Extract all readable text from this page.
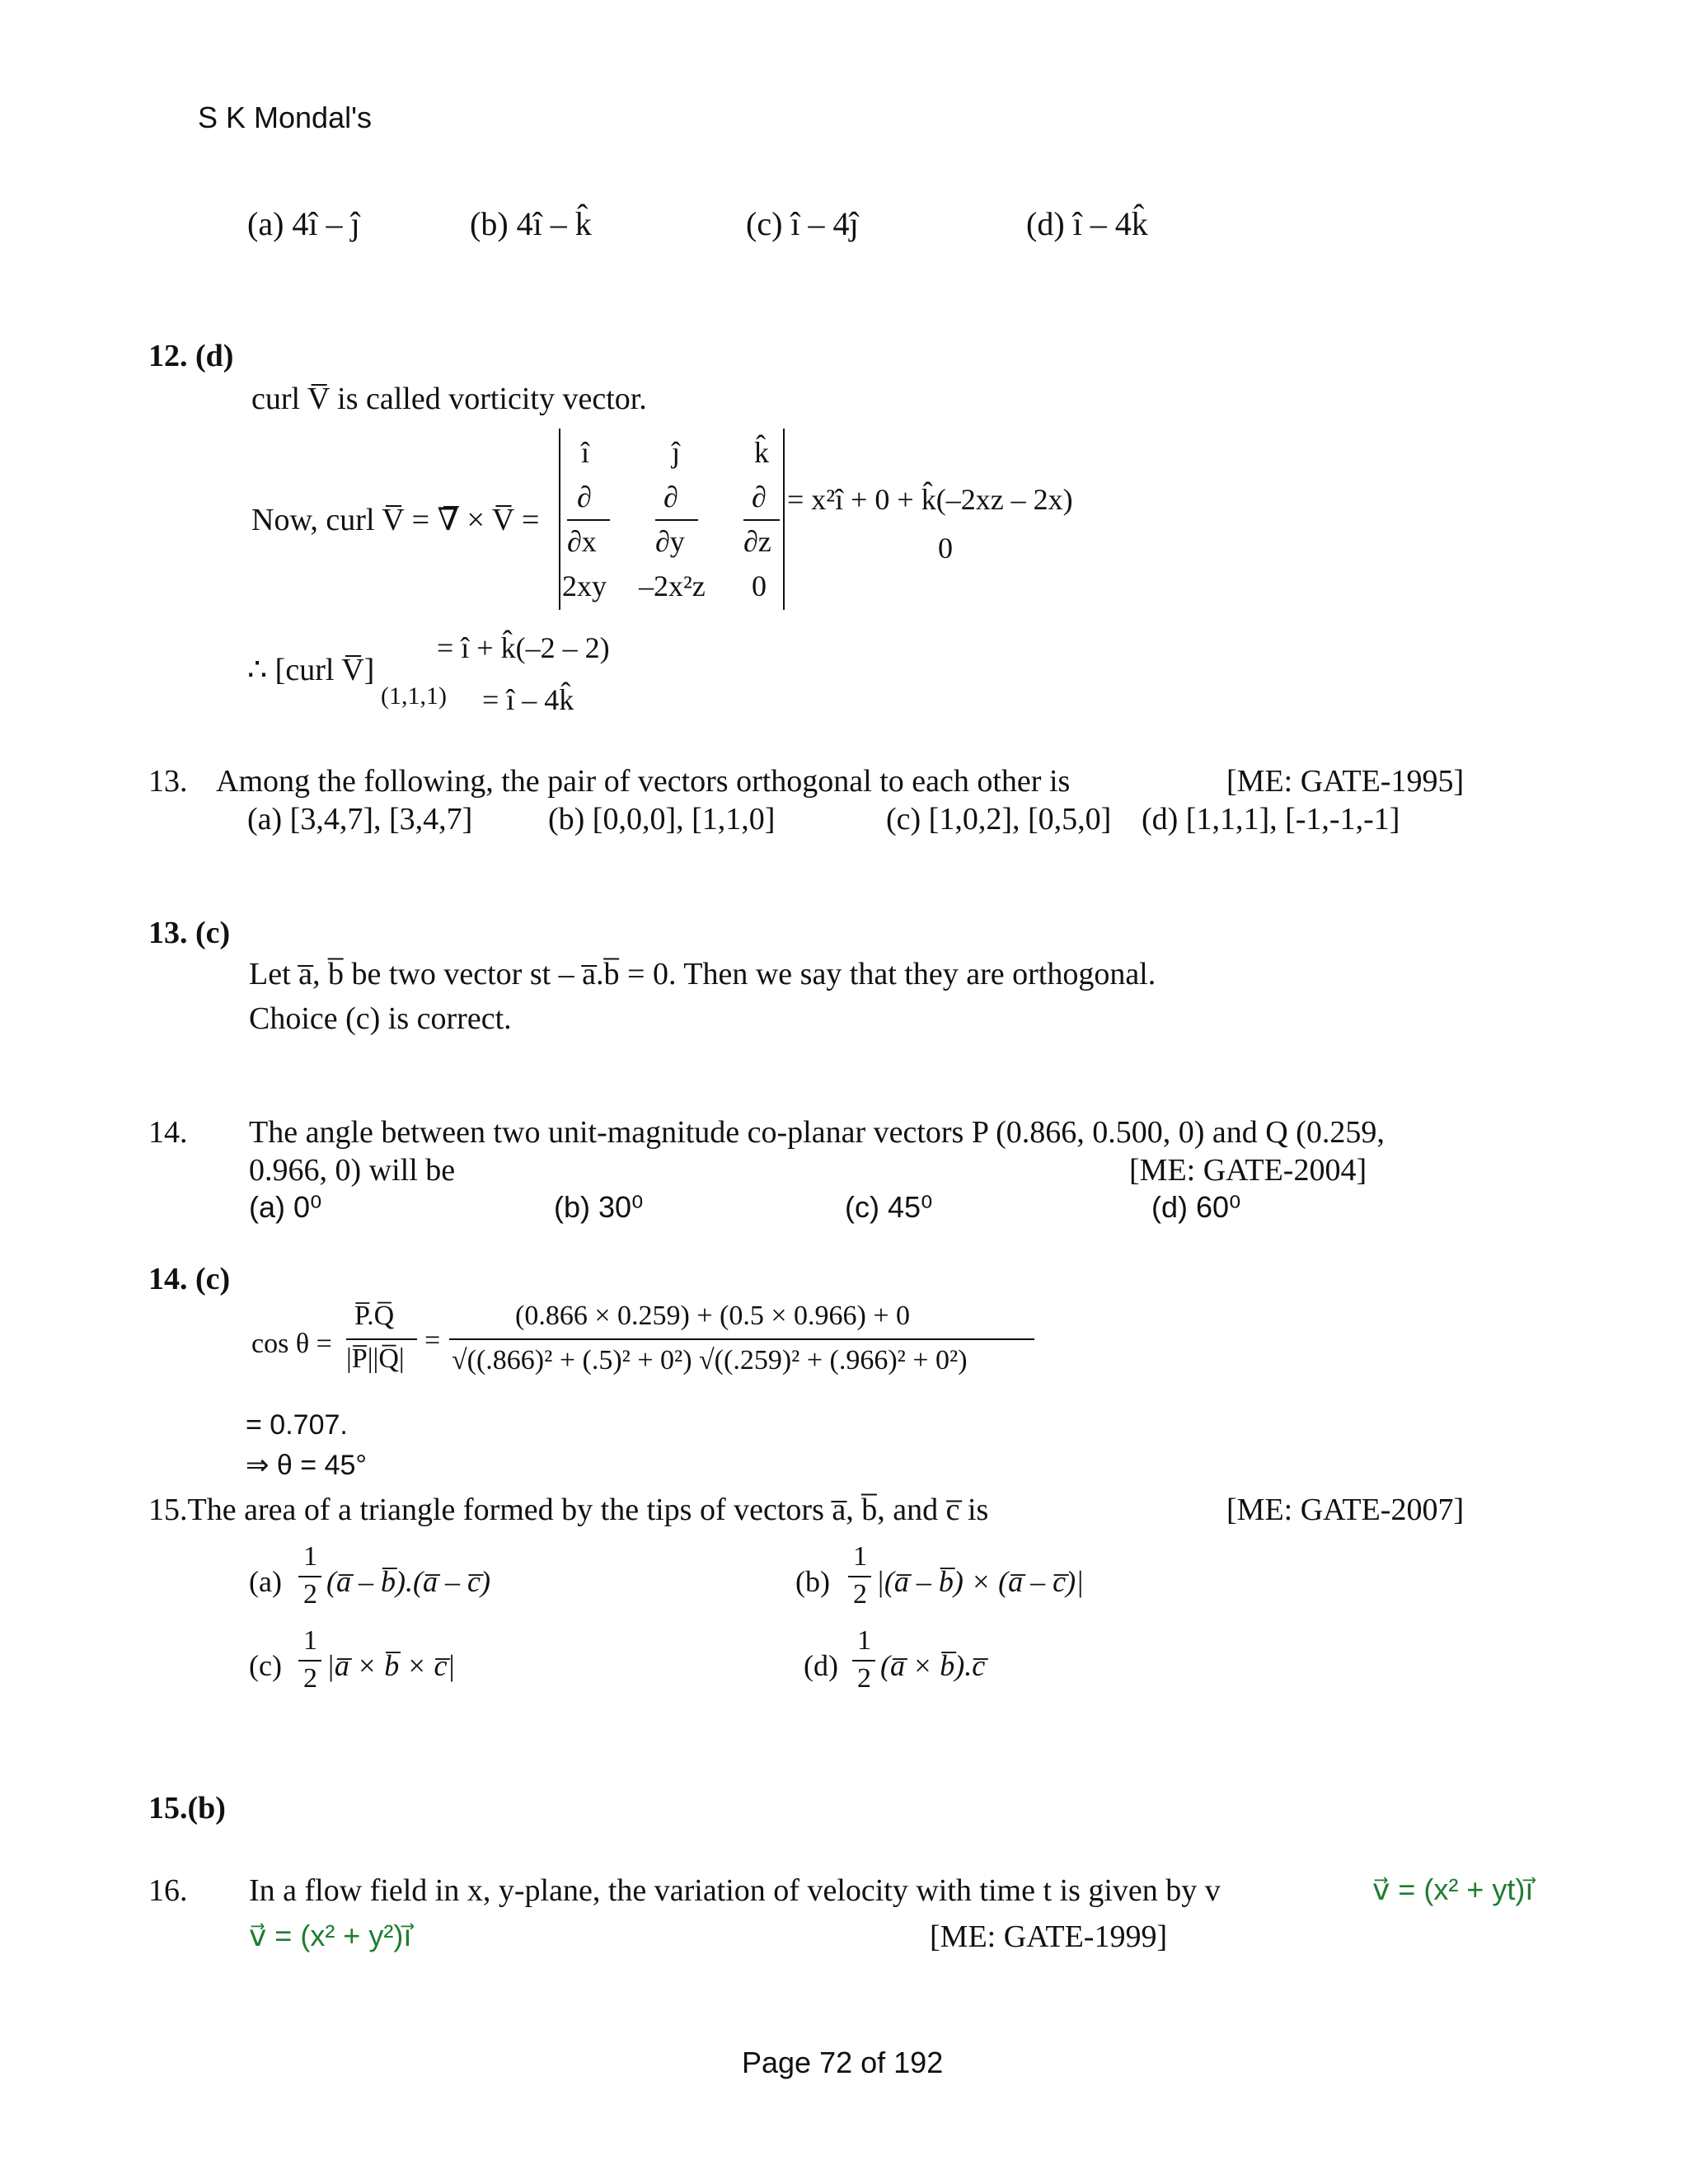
S K Mondal's
(a) 4î – ĵ	(b) 4î – k̂	(c) î – 4ĵ	(d) î – 4k̂
12. (d)
curl V̅ is called vorticity vector.
Now, curl V̅ = ∇̅ × V̅ =
î	ĵ k̂
∂ ∂ ∂
∂x ∂y ∂z
2xy –2x²z 0
= x²î + 0 + k̂(–2xz – 2x)
0
∴ [curl V̅]
(1,1,1)
= î + k̂(–2 – 2)
= î – 4k̂
13. Among the following, the pair of vectors orthogonal to each other is	[ME: GATE-1995]
(a) [3,4,7], [3,4,7] (b) [0,0,0], [1,1,0]	(c) [1,0,2], [0,5,0] (d) [1,1,1], [-1,-1,-1]
13. (c)
Let a̅, b̅ be two vector st – a̅.b̅ = 0. Then we say that they are orthogonal.
Choice (c) is correct.
14. The angle between two unit-magnitude co-planar vectors P (0.866, 0.500, 0) and Q (0.259,
0.966, 0) will be	[ME: GATE-2004]
(a) 0⁰	(b) 30⁰	(c) 45⁰	(d) 60⁰
14. (c)
cos θ =
P̅.Q̅
|P̅||Q̅|
=
(0.866 × 0.259) + (0.5 × 0.966) + 0
√((.866)² + (.5)² + 0²) √((.259)² + (.966)² + 0²)
= 0.707.
⇒ θ = 45°
15.The area of a triangle formed by the tips of vectors a̅, b̅, and c̅ is	[ME: GATE-2007]
(a)
1
2 (a̅ – b̅).(a̅ – c̅)	(b)
1
2 |(a̅ – b̅) × (a̅ – c̅)|
(c)
1
2 |a̅ × b̅ × c̅|	(d)
1
2 (a̅ × b̅).c̅
15.(b)
16. In a flow field in x, y-plane, the variation of velocity with time t is given by v	v⃗ = (x² + yt)i⃗
v⃗ = (x² + y²)i⃗	[ME: GATE-1999]
Page 72 of 192
